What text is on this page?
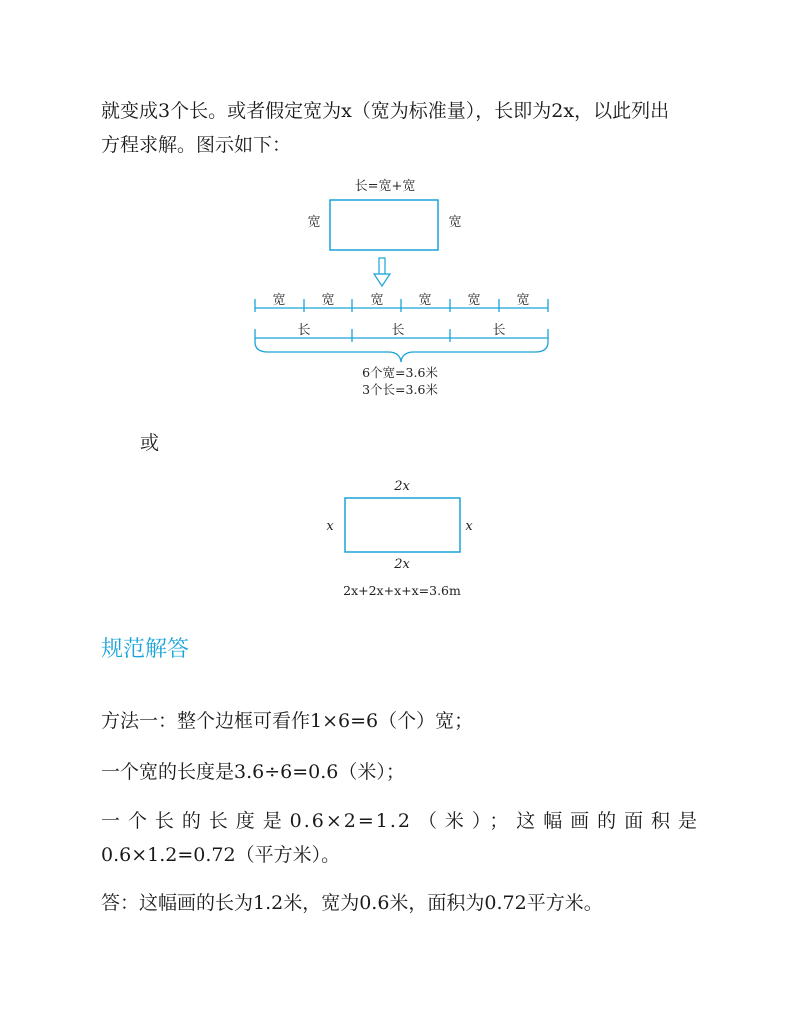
就变成3个长。或者假定宽为x（宽为标准量），长即为2x，以此列出

方程求解。图示如下：

长=宽+宽
宽	宽
宽	宽	宽	宽	宽	宽
长	长	长
6个宽=3.6米
3个长=3.6米
或
2x
x	x
2x
2x+2x+x+x=3.6m
规范解答

方法一：整个边框可看作1×6=6（个）宽；

一个宽的长度是3.6÷6=0.6（米）；

一个长的长度是0.6×2=1.2（米）；这幅画的面积是

0.6×1.2=0.72（平方米）。

答：这幅画的长为1.2米，宽为0.6米，面积为0.72平方米。
